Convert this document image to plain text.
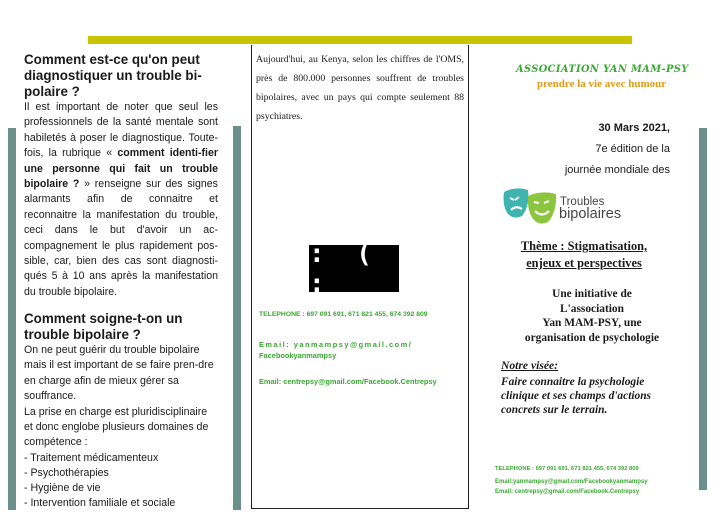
Comment est-ce qu'on peut diagnostiquer un trouble bi-polaire ?

Il est important de noter que seul les professionnels de la santé mentale sont habiletés à poser le diagnostique. Toute-fois, la rubrique « comment identi-fier une personne qui fait un trouble bipolaire ? » renseigne sur des signes alarmants afin de connaitre et reconnaitre la manifestation du trouble, ceci dans le but d'avoir un ac-compagnement le plus rapidement pos-sible, car, bien des cas sont diagnosti-qués 5 à 10 ans après la manifestation du trouble bipolaire.

Comment soigne-t-on un trouble bipolaire ?

On ne peut guérir du trouble bipolaire mais il est important de se faire pren-dre en charge afin de mieux gérer sa souffrance.

La prise en charge est pluridisciplinaire et donc englobe plusieurs domaines de compétence :

- Traitement médicamenteux
- Psychothérapies
- Hygiène de vie
- Intervention familiale et sociale

Aujourd'hui, au Kenya, selon les chiffres de l'OMS, près de 800.000 personnes souffrent de troubles bipolaires, avec un pays qui compte seulement 88 psychiatres.

: ( :
TELEPHONE : 697 091 691, 671 821 455, 674 392 809
Email: yanmampsy@gmail.com/
Facebookyanmampsy
Email: centrepsy@gmail.com/Facebook.Centrepsy
ASSOCIATION YAN MAM-PSY
prendre la vie avec humour

30 Mars 2021,
7e édition de la
journée mondiale des

Troubles
bipolaires

Thème : Stigmatisation,
enjeux et perspectives

Une initiative de
L'association
Yan MAM-PSY, une
organisation de psychologie

Notre visée:

Faire connaitre la psychologie clinique et ses champs d'actions concrets sur le terrain.

TELEPHONE : 697 091 691, 671 821 455, 674 392 809
Email:yanmampsy@gmail.com/Facebookyanmampsy
Email: centrepsy@gmail.com/Facebook.Centrepsy
